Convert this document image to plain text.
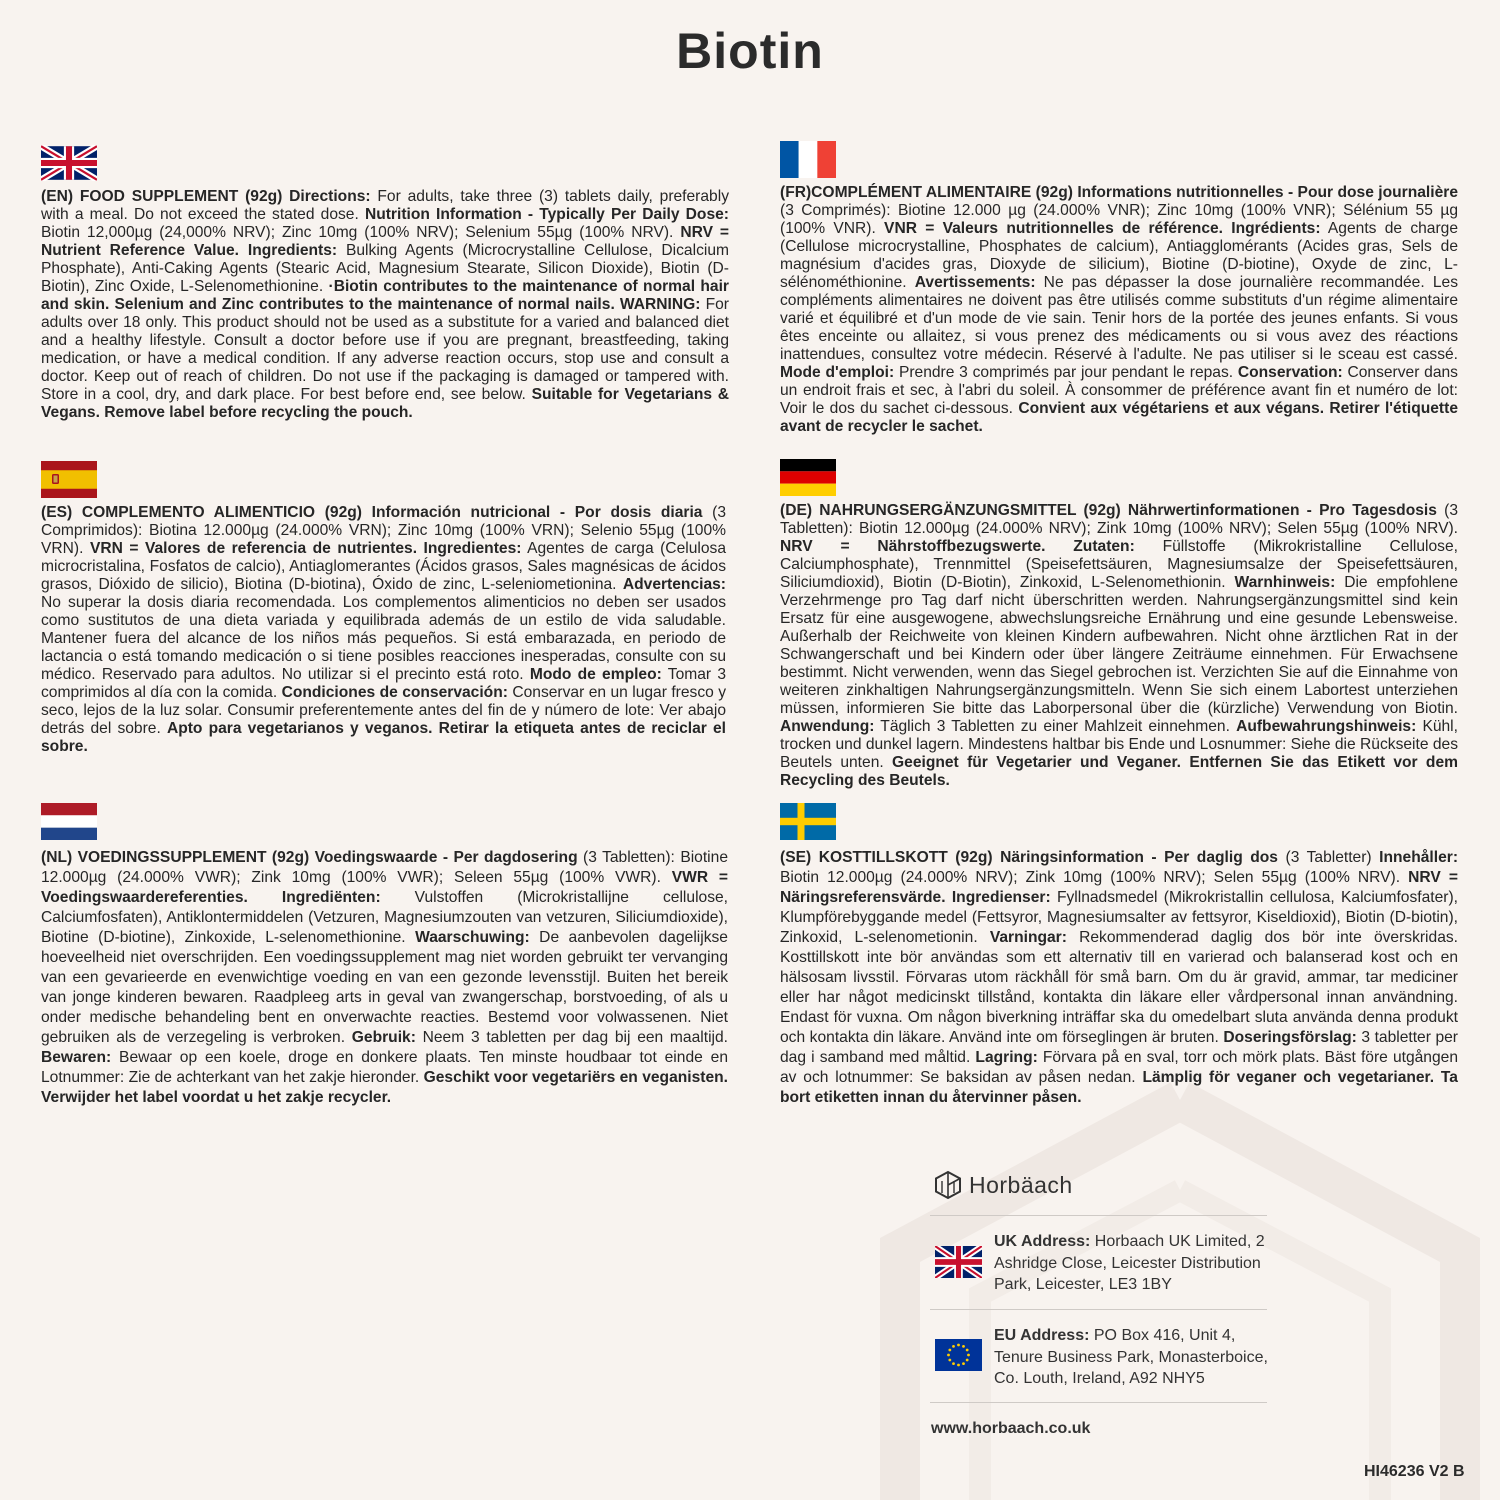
Biotin
(EN) FOOD SUPPLEMENT (92g) Directions: For adults, take three (3) tablets daily, preferably with a meal. Do not exceed the stated dose. Nutrition Information - Typically Per Daily Dose: Biotin 12,000µg (24,000% NRV); Zinc 10mg (100% NRV); Selenium 55µg (100% NRV). NRV = Nutrient Reference Value. Ingredients: Bulking Agents (Microcrystalline Cellulose, Dicalcium Phosphate), Anti-Caking Agents (Stearic Acid, Magnesium Stearate, Silicon Dioxide), Biotin (D-Biotin), Zinc Oxide, L-Selenomethionine. ·Biotin contributes to the maintenance of normal hair and skin. Selenium and Zinc contributes to the maintenance of normal nails. WARNING: For adults over 18 only. This product should not be used as a substitute for a varied and balanced diet and a healthy lifestyle. Consult a doctor before use if you are pregnant, breastfeeding, taking medication, or have a medical condition. If any adverse reaction occurs, stop use and consult a doctor. Keep out of reach of children. Do not use if the packaging is damaged or tampered with. Store in a cool, dry, and dark place. For best before end, see below. Suitable for Vegetarians & Vegans. Remove label before recycling the pouch.
(FR)COMPLÉMENT ALIMENTAIRE (92g) Informations nutritionnelles - Pour dose journalière (3 Comprimés): Biotine 12.000 µg (24.000% VNR); Zinc 10mg (100% VNR); Sélénium 55 µg (100% VNR). VNR = Valeurs nutritionnelles de référence. Ingrédients: Agents de charge (Cellulose microcrystalline, Phosphates de calcium), Antiagglomérants (Acides gras, Sels de magnésium d'acides gras, Dioxyde de silicium), Biotine (D-biotine), Oxyde de zinc, L-sélénométhionine. Avertissements: Ne pas dépasser la dose journalière recommandée. Les compléments alimentaires ne doivent pas être utilisés comme substituts d'un régime alimentaire varié et équilibré et d'un mode de vie sain. Tenir hors de la portée des jeunes enfants. Si vous êtes enceinte ou allaitez, si vous prenez des médicaments ou si vous avez des réactions inattendues, consultez votre médecin. Réservé à l'adulte. Ne pas utiliser si le sceau est cassé. Mode d'emploi: Prendre 3 comprimés par jour pendant le repas. Conservation: Conserver dans un endroit frais et sec, à l'abri du soleil. À consommer de préférence avant fin et numéro de lot: Voir le dos du sachet ci-dessous. Convient aux végétariens et aux végans. Retirer l'étiquette avant de recycler le sachet.
(ES) COMPLEMENTO ALIMENTICIO (92g) Información nutricional - Por dosis diaria (3 Comprimidos): Biotina 12.000µg (24.000% VRN); Zinc 10mg (100% VRN); Selenio 55µg (100% VRN). VRN = Valores de referencia de nutrientes. Ingredientes: Agentes de carga (Celulosa microcristalina, Fosfatos de calcio), Antiaglomerantes (Ácidos grasos, Sales magnésicas de ácidos grasos, Dióxido de silicio), Biotina (D-biotina), Óxido de zinc, L-seleniometionina. Advertencias: No superar la dosis diaria recomendada. Los complementos alimenticios no deben ser usados como sustitutos de una dieta variada y equilibrada además de un estilo de vida saludable. Mantener fuera del alcance de los niños más pequeños. Si está embarazada, en periodo de lactancia o está tomando medicación o si tiene posibles reacciones inesperadas, consulte con su médico. Reservado para adultos. No utilizar si el precinto está roto. Modo de empleo: Tomar 3 comprimidos al día con la comida. Condiciones de conservación: Conservar en un lugar fresco y seco, lejos de la luz solar. Consumir preferentemente antes del fin de y número de lote: Ver abajo detrás del sobre. Apto para vegetarianos y veganos. Retirar la etiqueta antes de reciclar el sobre.
(DE) NAHRUNGSERGÄNZUNGSMITTEL (92g) Nährwertinformationen - Pro Tagesdosis (3 Tabletten): Biotin 12.000µg (24.000% NRV); Zink 10mg (100% NRV); Selen 55µg (100% NRV). NRV = Nährstoffbezugswerte. Zutaten: Füllstoffe (Mikrokristalline Cellulose, Calciumphosphate), Trennmittel (Speisefettsäuren, Magnesiumsalze der Speisefettsäuren, Siliciumdioxid), Biotin (D-Biotin), Zinkoxid, L-Selenomethionin. Warnhinweis: Die empfohlene Verzehrmenge pro Tag darf nicht überschritten werden. Nahrungsergänzungsmittel sind kein Ersatz für eine ausgewogene, abwechslungsreiche Ernährung und eine gesunde Lebensweise. Außerhalb der Reichweite von kleinen Kindern aufbewahren. Nicht ohne ärztlichen Rat in der Schwangerschaft und bei Kindern oder über längere Zeiträume einnehmen. Für Erwachsene bestimmt. Nicht verwenden, wenn das Siegel gebrochen ist. Verzichten Sie auf die Einnahme von weiteren zinkhaltigen Nahrungsergänzungsmitteln. Wenn Sie sich einem Labortest unterziehen müssen, informieren Sie bitte das Laborpersonal über die (kürzliche) Verwendung von Biotin. Anwendung: Täglich 3 Tabletten zu einer Mahlzeit einnehmen. Aufbewahrungshinweis: Kühl, trocken und dunkel lagern. Mindestens haltbar bis Ende und Losnummer: Siehe die Rückseite des Beutels unten. Geeignet für Vegetarier und Veganer. Entfernen Sie das Etikett vor dem Recycling des Beutels.
(NL) VOEDINGSSUPPLEMENT (92g) Voedingswaarde - Per dagdosering (3 Tabletten): Biotine 12.000µg (24.000% VWR); Zink 10mg (100% VWR); Seleen 55µg (100% VWR). VWR = Voedingswaardereferenties. Ingrediënten: Vulstoffen (Microkristallijne cellulose, Calciumfosfaten), Antiklontermiddelen (Vetzuren, Magnesiumzouten van vetzuren, Siliciumdioxide), Biotine (D-biotine), Zinkoxide, L-selenomethionine. Waarschuwing: De aanbevolen dagelijkse hoeveelheid niet overschrijden. Een voedingssupplement mag niet worden gebruikt ter vervanging van een gevarieerde en evenwichtige voeding en van een gezonde levensstijl. Buiten het bereik van jonge kinderen bewaren. Raadpleeg arts in geval van zwangerschap, borstvoeding, of als u onder medische behandeling bent en onverwachte reacties. Bestemd voor volwassenen. Niet gebruiken als de verzegeling is verbroken. Gebruik: Neem 3 tabletten per dag bij een maaltijd. Bewaren: Bewaar op een koele, droge en donkere plaats. Ten minste houdbaar tot einde en Lotnummer: Zie de achterkant van het zakje hieronder. Geschikt voor vegetariërs en veganisten. Verwijder het label voordat u het zakje recycler.
(SE) KOSTTILLSKOTT (92g) Näringsinformation - Per daglig dos (3 Tabletter) Innehåller: Biotin 12.000µg (24.000% NRV); Zink 10mg (100% NRV); Selen 55µg (100% NRV). NRV = Näringsreferensvärde. Ingredienser: Fyllnadsmedel (Mikrokristallin cellulosa, Kalciumfosfater), Klumpförebyggande medel (Fettsyror, Magnesiumsalter av fettsyror, Kiseldioxid), Biotin (D-biotin), Zinkoxid, L-selenometionin. Varningar: Rekommenderad daglig dos bör inte överskridas. Kosttillskott inte bör användas som ett alternativ till en varierad och balanserad kost och en hälsosam livsstil. Förvaras utom räckhåll för små barn. Om du är gravid, ammar, tar mediciner eller har något medicinskt tillstånd, kontakta din läkare eller vårdpersonal innan användning. Endast för vuxna. Om någon biverkning inträffar ska du omedelbart sluta använda denna produkt och kontakta din läkare. Använd inte om förseglingen är bruten. Doseringsförslag: 3 tabletter per dag i samband med måltid. Lagring: Förvara på en sval, torr och mörk plats. Bäst före utgången av och lotnummer: Se baksidan av påsen nedan. Lämplig för veganer och vegetarianer. Ta bort etiketten innan du återvinner påsen.
Horbäach
UK Address: Horbaach UK Limited, 2 Ashridge Close, Leicester Distribution Park, Leicester, LE3 1BY
EU Address: PO Box 416, Unit 4, Tenure Business Park, Monasterboice, Co. Louth, Ireland, A92 NHY5
www.horbaach.co.uk
HI46236 V2 B
